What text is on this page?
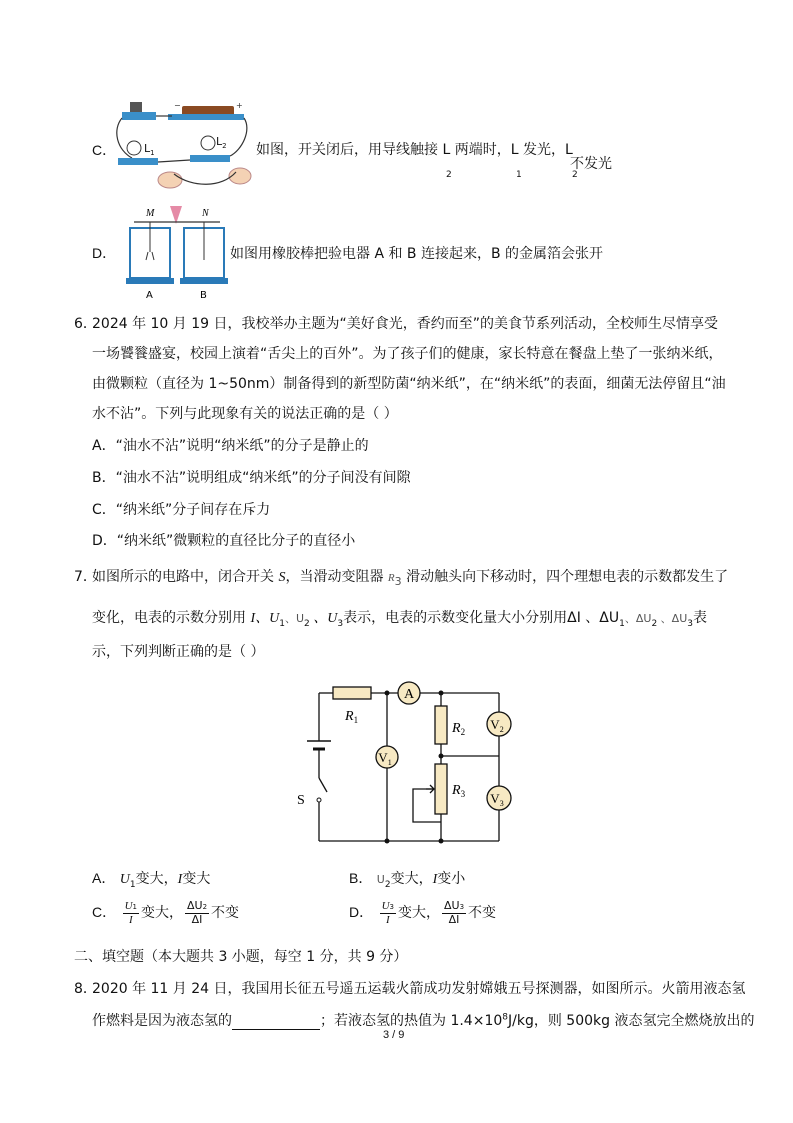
C．
−	+
$L_1$
$L_2$ 如图，开关闭后，用导线触接 L 两端时，L 发光，L
不发光
2	1	2
D．
M	N
A	B
如图用橡胶棒把验电器 A 和 B 连接起来，B 的金属箔会张开
6．
2024 年 10 月 19 日，我校举办主题为“美好食光，香约而至”的美食节系列活动，全校师生尽情享受
一场饕餮盛宴，校园上演着“舌尖上的百外”。为了孩子们的健康，家长特意在餐盘上垫了一张纳米纸，
由微颗粒（直径为 1~50nm）制备得到的新型防菌“纳米纸”，在“纳米纸”的表面，细菌无法停留且“油
水不沾”。下列与此现象有关的说法正确的是（ ）
A．“油水不沾”说明“纳米纸”的分子是静止的
B．“油水不沾”说明组成“纳米纸”的分子间没有间隙
C．“纳米纸”分子间存在斥力
D．“纳米纸”微颗粒的直径比分子的直径小
7．
如图所示的电路中，闭合开关 S，当滑动变阻器 $R_3$ 滑动触头向下移动时，四个理想电表的示数都发生了
变化，电表的示数分别用 I、$U_1$、$U_2$ 、$U_3$表示，电表的示数变化量大小分别用ΔI 、$\Delta U_1$、$\Delta U_2$ 、$\Delta U_3$表
示，下列判断正确的是（ ）
$R_1$
A
$V_1$
$R_2$ $V_2$
$R_3$ $V_3$
S
A． $U_1$变大，I变大	B． $U_2$变大，I变小
C． $\frac{U1}{I}$ 变大， $\frac{\Delta U2}{\Delta I}$ 不变	D． $\frac{U3}{I}$ 变大， $\frac{\Delta U3}{\Delta I}$ 不变
二、填空题（本大题共 3 小题，每空 1 分，共 9 分）
8．
2020 年 11 月 24 日，我国用长征五号遥五运载火箭成功发射嫦娥五号探测器，如图所示。火箭用液态氢
作燃料是因为液态氢的	；若液态氢的热值为 $1.4\times 10^8J/kg$，则 500kg 液态氢完全燃烧放出的
3 / 9
